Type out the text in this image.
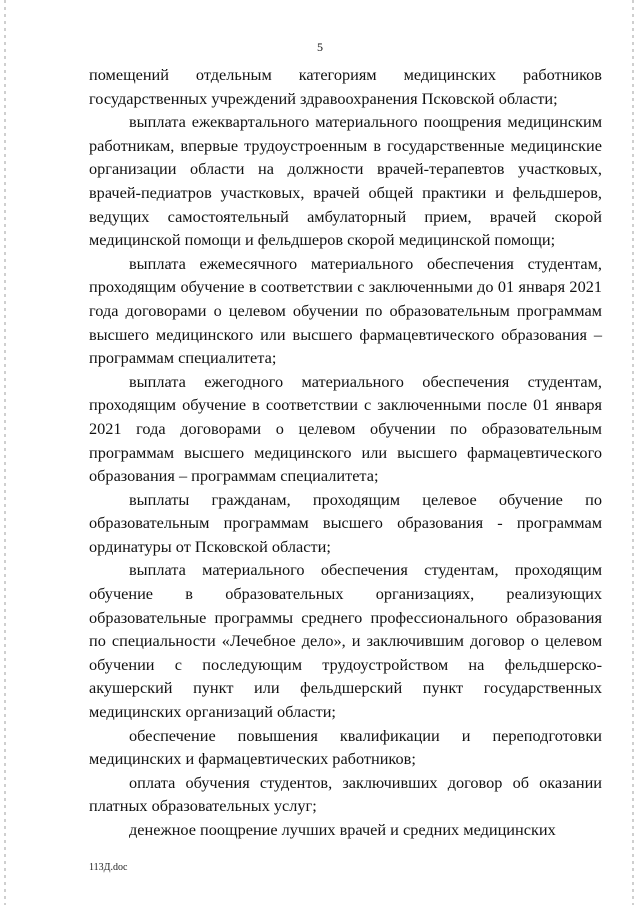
5

помещений отдельным категориям медицинских работников государственных учреждений здравоохранения Псковской области;

выплата ежеквартального материального поощрения медицинским работникам, впервые трудоустроенным в государственные медицинские организации области на должности врачей-терапевтов участковых, врачей-педиатров участковых, врачей общей практики и фельдшеров, ведущих самостоятельный амбулаторный прием, врачей скорой медицинской помощи и фельдшеров скорой медицинской помощи;

выплата ежемесячного материального обеспечения студентам, проходящим обучение в соответствии с заключенными до 01 января 2021 года договорами о целевом обучении по образовательным программам высшего медицинского или высшего фармацевтического образования – программам специалитета;

выплата ежегодного материального обеспечения студентам, проходящим обучение в соответствии с заключенными после 01 января 2021 года договорами о целевом обучении по образовательным программам высшего медицинского или высшего фармацевтического образования – программам специалитета;

выплаты гражданам, проходящим целевое обучение по образовательным программам высшего образования - программам ординатуры от Псковской области;

выплата материального обеспечения студентам, проходящим обучение в образовательных организациях, реализующих образовательные программы среднего профессионального образования по специальности «Лечебное дело», и заключившим договор о целевом обучении с последующим трудоустройством на фельдшерско-акушерский пункт или фельдшерский пункт государственных медицинских организаций области;

обеспечение повышения квалификации и переподготовки медицинских и фармацевтических работников;

оплата обучения студентов, заключивших договор об оказании платных образовательных услуг;

денежное поощрение лучших врачей и средних медицинских

113Д.doc
